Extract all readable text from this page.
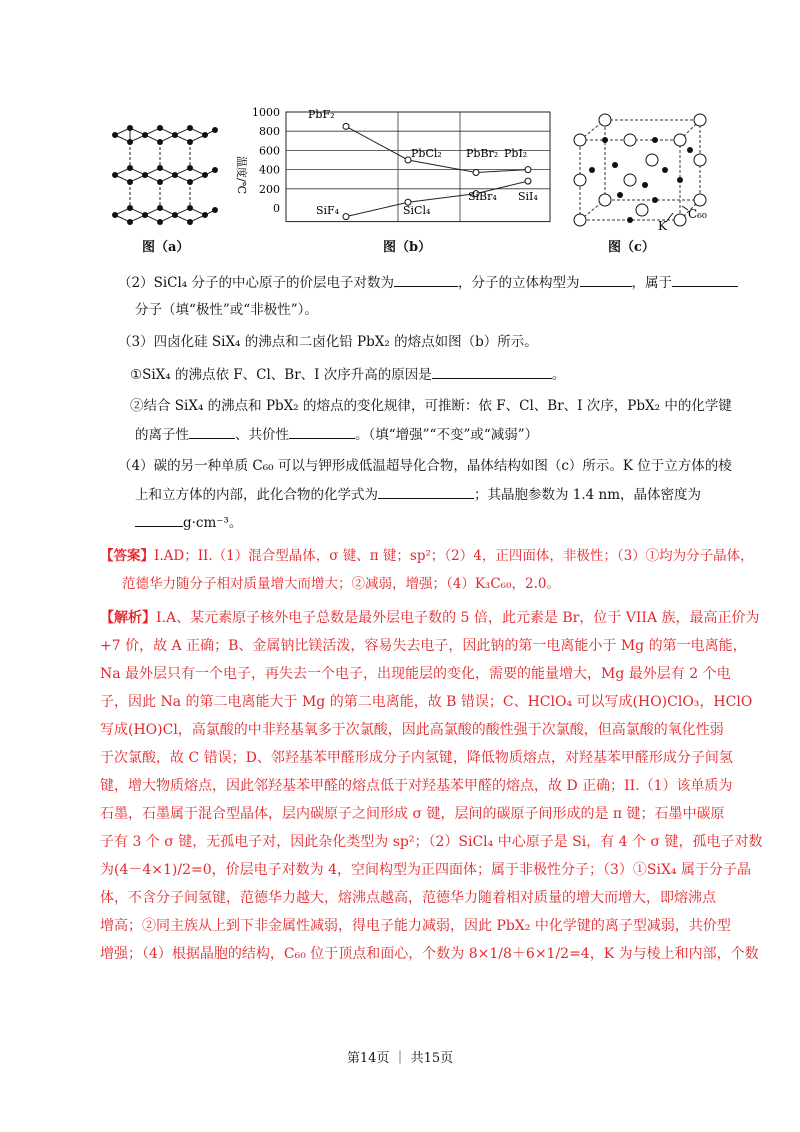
图（a）
温度/℃
1000
800
600
400
200
0
PbF₂
PbCl₂ PbBr₂ PbI₂
SiF₄	SiCl₄
SiBr₄ SiI₄
图（b）
K
C₆₀
图（c）
（2）SiCl₄ 分子的中心原子的价层电子对数为	，分子的立体构型为	，属于
分子（填“极性”或“非极性”）。
（3）四卤化硅 SiX₄ 的沸点和二卤化铅 PbX₂ 的熔点如图（b）所示。
①SiX₄ 的沸点依 F、Cl、Br、I 次序升高的原因是	。
②结合 SiX₄ 的沸点和 PbX₂ 的熔点的变化规律，可推断：依 F、Cl、Br、I 次序，PbX₂ 中的化学键
的离子性	、共价性	。（填“增强”“不变”或“减弱”）
（4）碳的另一种单质 C₆₀ 可以与钾形成低温超导化合物，晶体结构如图（c）所示。K 位于立方体的棱
上和立方体的内部，此化合物的化学式为	；其晶胞参数为 1.4 nm，晶体密度为
g·cm⁻³。
【答案】I.AD；II.（1）混合型晶体，σ 键、π 键；sp²；（2）4，正四面体，非极性；（3）①均为分子晶体，
范德华力随分子相对质量增大而增大；②减弱，增强；（4）K₃C₆₀，2.0。
【解析】I.A、某元素原子核外电子总数是最外层电子数的 5 倍，此元素是 Br，位于 VIIA 族，最高正价为
+7 价，故 A 正确；B、金属钠比镁活泼，容易失去电子，因此钠的第一电离能小于 Mg 的第一电离能，
Na 最外层只有一个电子，再失去一个电子，出现能层的变化，需要的能量增大，Mg 最外层有 2 个电
子，因此 Na 的第二电离能大于 Mg 的第二电离能，故 B 错误；C、HClO₄ 可以写成(HO)ClO₃，HClO
写成(HO)Cl，高氯酸的中非羟基氧多于次氯酸，因此高氯酸的酸性强于次氯酸，但高氯酸的氧化性弱
于次氯酸，故 C 错误；D、邻羟基苯甲醛形成分子内氢键，降低物质熔点，对羟基苯甲醛形成分子间氢
键，增大物质熔点，因此邻羟基苯甲醛的熔点低于对羟基苯甲醛的熔点，故 D 正确；II.（1）该单质为
石墨，石墨属于混合型晶体，层内碳原子之间形成 σ 键，层间的碳原子间形成的是 π 键；石墨中碳原
子有 3 个 σ 键，无孤电子对，因此杂化类型为 sp²；（2）SiCl₄ 中心原子是 Si，有 4 个 σ 键，孤电子对数
为(4－4×1)/2=0，价层电子对数为 4，空间构型为正四面体；属于非极性分子；（3）①SiX₄ 属于分子晶
体，不含分子间氢键，范德华力越大，熔沸点越高，范德华力随着相对质量的增大而增大，即熔沸点
增高；②同主族从上到下非金属性减弱，得电子能力减弱，因此 PbX₂ 中化学键的离子型减弱，共价型
增强；（4）根据晶胞的结构，C₆₀ 位于顶点和面心，个数为 8×1/8＋6×1/2=4，K 为与棱上和内部，个数
第14页 ｜ 共15页
